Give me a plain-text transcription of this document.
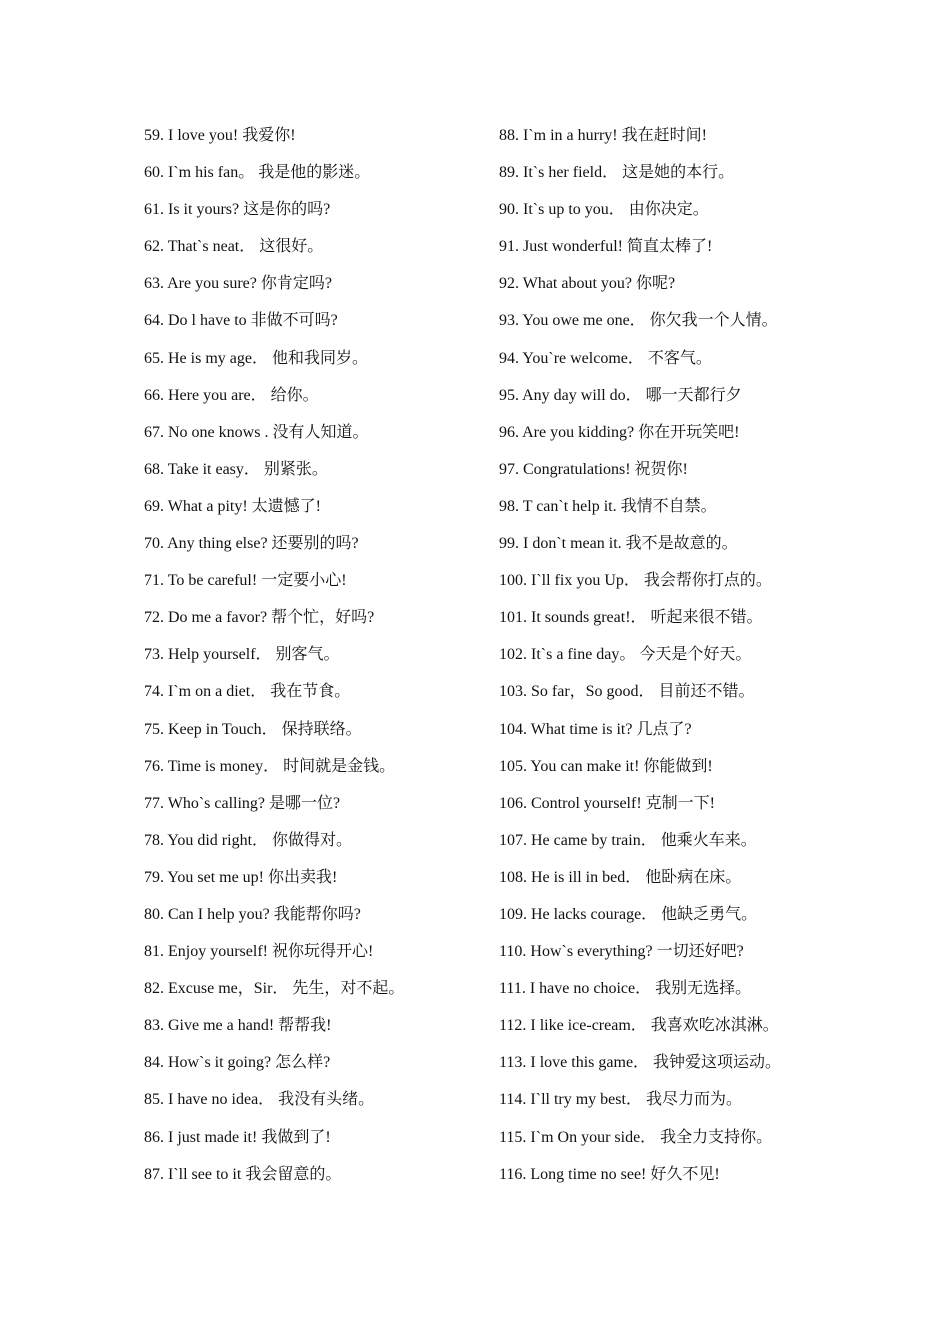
59. I love you! 我爱你!
60. I`m his fan。 我是他的影迷。
61. Is it yours? 这是你的吗?
62. That`s neat． 这很好。
63. Are you sure? 你肯定吗?
64. Do l have to 非做不可吗?
65. He is my age． 他和我同岁。
66. Here you are． 给你。
67. No one knows . 没有人知道。
68. Take it easy． 别紧张。
69. What a pity! 太遗憾了!
70. Any thing else? 还要别的吗?
71. To be careful! 一定要小心!
72. Do me a favor? 帮个忙，好吗?
73. Help yourself． 别客气。
74. I`m on a diet． 我在节食。
75. Keep in Touch． 保持联络。
76. Time is money． 时间就是金钱。
77. Who`s calling? 是哪一位?
78. You did right． 你做得对。
79. You set me up! 你出卖我!
80. Can I help you? 我能帮你吗?
81. Enjoy yourself! 祝你玩得开心!
82. Excuse me，Sir． 先生，对不起。
83. Give me a hand! 帮帮我!
84. How`s it going? 怎么样?
85. I have no idea． 我没有头绪。
86. I just made it! 我做到了!
87. I`ll see to it 我会留意的。
88. I`m in a hurry! 我在赶时间!
89. It`s her field． 这是她的本行。
90. It`s up to you． 由你决定。
91. Just wonderful! 简直太棒了!
92. What about you? 你呢?
93. You owe me one． 你欠我一个人情。
94. You`re welcome． 不客气。
95. Any day will do． 哪一天都行夕
96. Are you kidding? 你在开玩笑吧!
97. Congratulations! 祝贺你!
98. T can`t help it. 我情不自禁。
99. I don`t mean it. 我不是故意的。
100. I`ll fix you Up． 我会帮你打点的。
101. It sounds great!． 听起来很不错。
102. It`s a fine day。 今天是个好天。
103. So far，So good． 目前还不错。
104. What time is it? 几点了?
105. You can make it! 你能做到!
106. Control yourself! 克制一下!
107. He came by train． 他乘火车来。
108. He is ill in bed． 他卧病在床。
109. He lacks courage． 他缺乏勇气。
110. How`s everything? 一切还好吧?
111. I have no choice． 我别无选择。
112. I like ice-cream． 我喜欢吃冰淇淋。
113. I love this game． 我钟爱这项运动。
114. I`ll try my best． 我尽力而为。
115. I`m On your side． 我全力支持你。
116. Long time no see! 好久不见!
